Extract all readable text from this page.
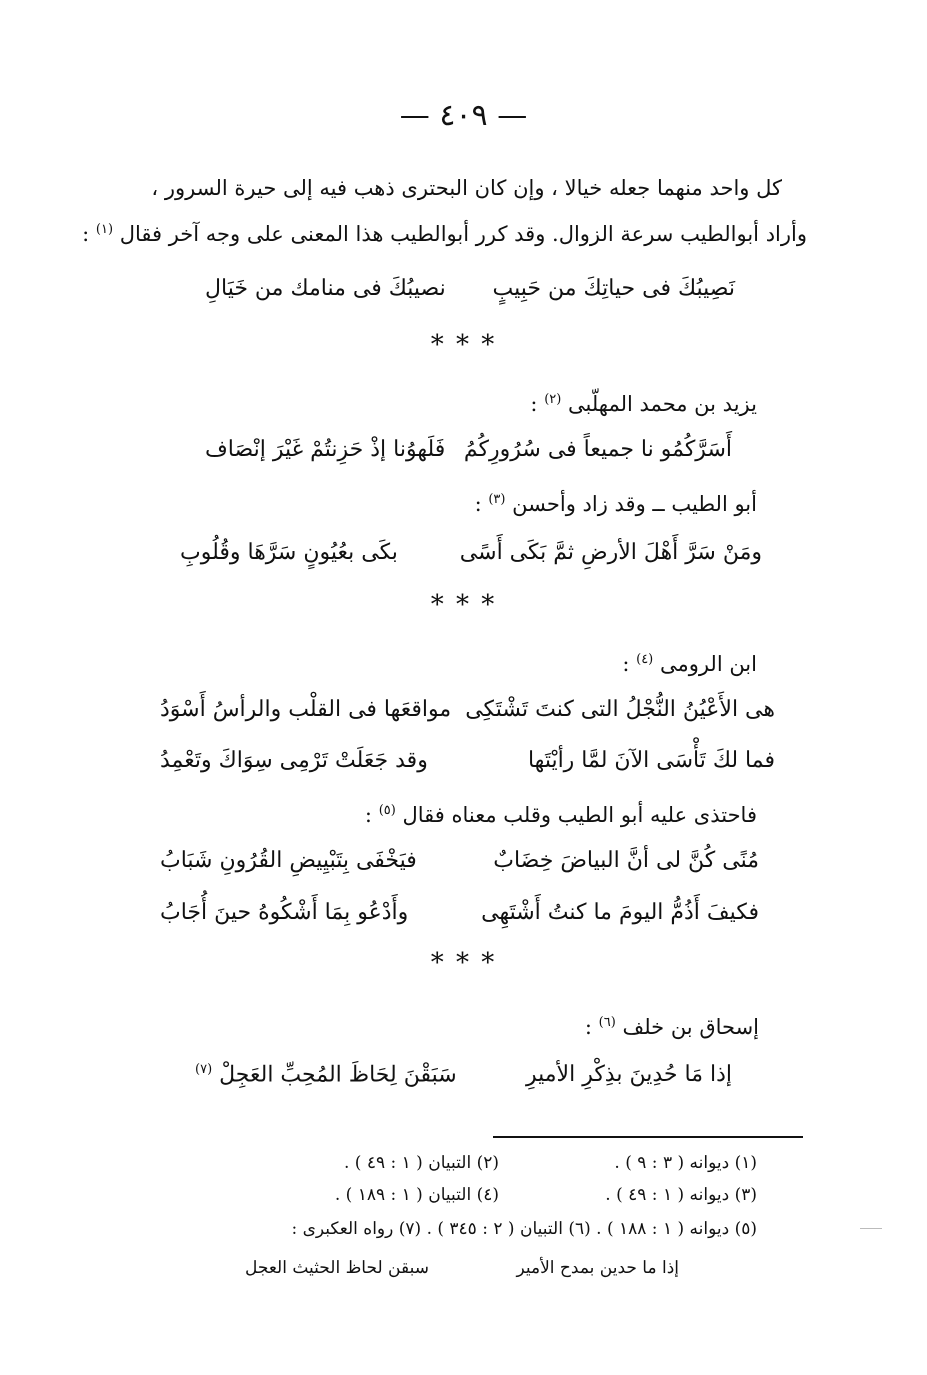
— ٤٠٩ —
كل واحد منهما جعله خيالا ، وإن كان البحترى ذهب فيه إلى حيرة السرور ،
وأراد أبوالطيب سرعة الزوال. وقد كرر أبوالطيب هذا المعنى على وجه آخر فقال $^{(١)}$ :
نَصِيبُكَ فى حياتِكَ من حَبِيبٍ
نصيبُكَ فى منامك من خَيَالِ
* * *
يزيد بن محمد المهلّبى $^{(٢)}$ :
أَسَرَّكُمُو نا جميعاً فى سُرُورِكُمُ
فَلَهوُنا إذْ حَزِنتُمْ غَيْرَ إنْصَاف
أبو الطيب ــ وقد زاد وأحسن $^{(٣)}$ :
ومَنْ سَرَّ أَهْلَ الأرضِ ثمَّ بَكَى أَسًى
بكَى بعُيُونٍ سَرَّهَا وقُلُوبِ
* * *
ابن الرومى $^{(٤)}$ :
هى الأَعْيُنُ النُّجْلُ التى كنتَ تَشْتَكِى
مواقعَها فى القلْب والرأسُ أَسْوَدُ
فما لكَ تَأْسَى الآنَ لمَّا رأيْتَها
وقد جَعَلَتْ تَرْمِى سِوَاكَ وتَعْمِدُ
فاحتذى عليه أبو الطيب وقلب معناه فقال $^{(٥)}$ :
مُنًى كُنَّ لى أنَّ البياضَ خِضَابٌ
فيَخْفَى بِتَبْيِيضِ القُرُونِ شَبَابُ
فكيفَ أَذُمُّ اليومَ ما كنتُ أَشْتَهِى
وأَدْعُو بِمَا أَشْكُوهُ حينَ أُجَابُ
* * *
إسحاق بن خلف $^{(٦)}$ :
إذا مَا حُدِينَ بذِكْرِ الأميرِ
سَبَقْنَ لِحَاظَ المُحِبِّ العَجِلْ $^{(٧)}$
(١) ديوانه ( ٣ : ٩ ) .
(٢) التبيان ( ١ : ٤٩ ) .
(٣) ديوانه ( ١ : ٤٩ ) .
(٤) التبيان ( ١ : ١٨٩ ) .
(٥) ديوانه ( ١ : ١٨٨ ) . (٦) التبيان ( ٢ : ٣٤٥ ) . (٧) رواه العكبرى :
إذا ما حدين بمدح الأمير
سبقن لحاظ الحثيث العجل
